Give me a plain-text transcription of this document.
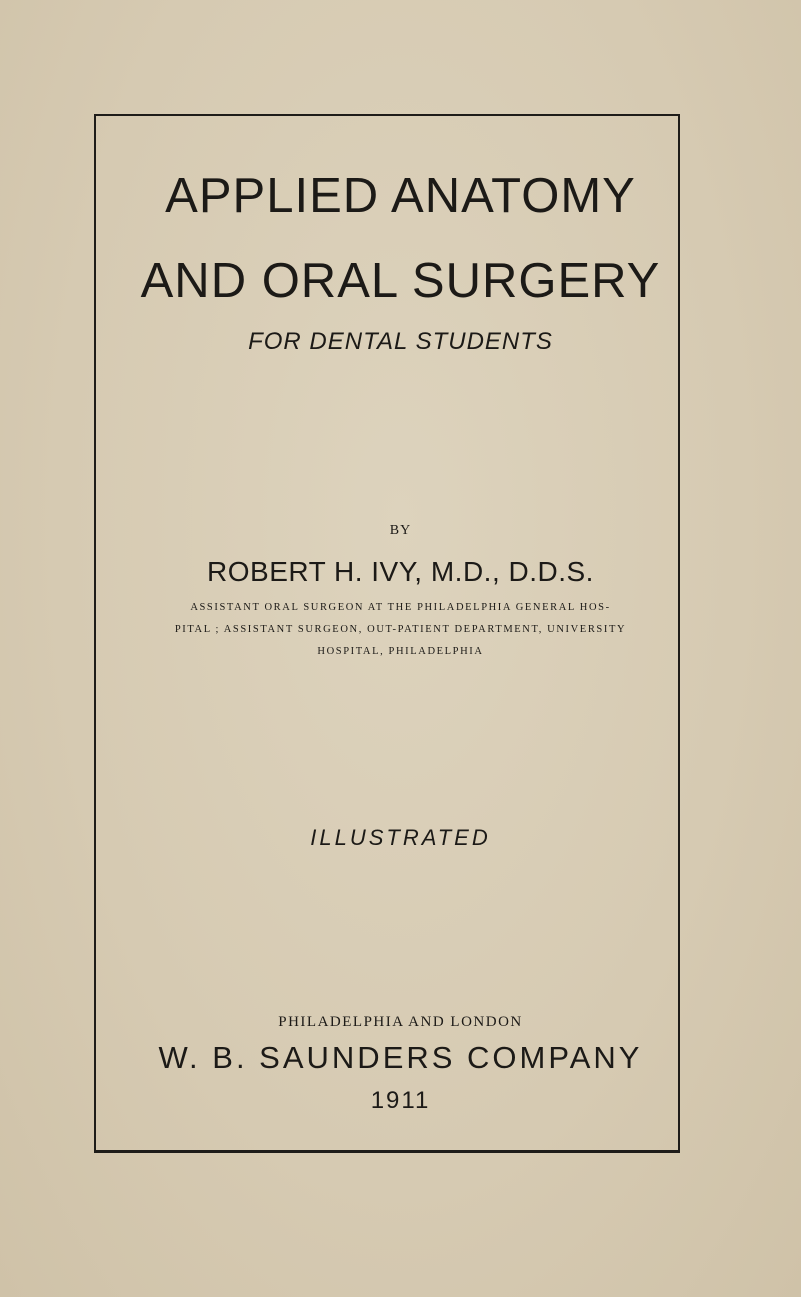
APPLIED ANATOMY
AND ORAL SURGERY
FOR DENTAL STUDENTS
BY
ROBERT H. IVY, M.D., D.D.S.
ASSISTANT ORAL SURGEON AT THE PHILADELPHIA GENERAL HOS-
PITAL ; ASSISTANT SURGEON, OUT-PATIENT DEPARTMENT, UNIVERSITY
HOSPITAL, PHILADELPHIA
ILLUSTRATED
PHILADELPHIA AND LONDON
W. B. SAUNDERS COMPANY
1911
